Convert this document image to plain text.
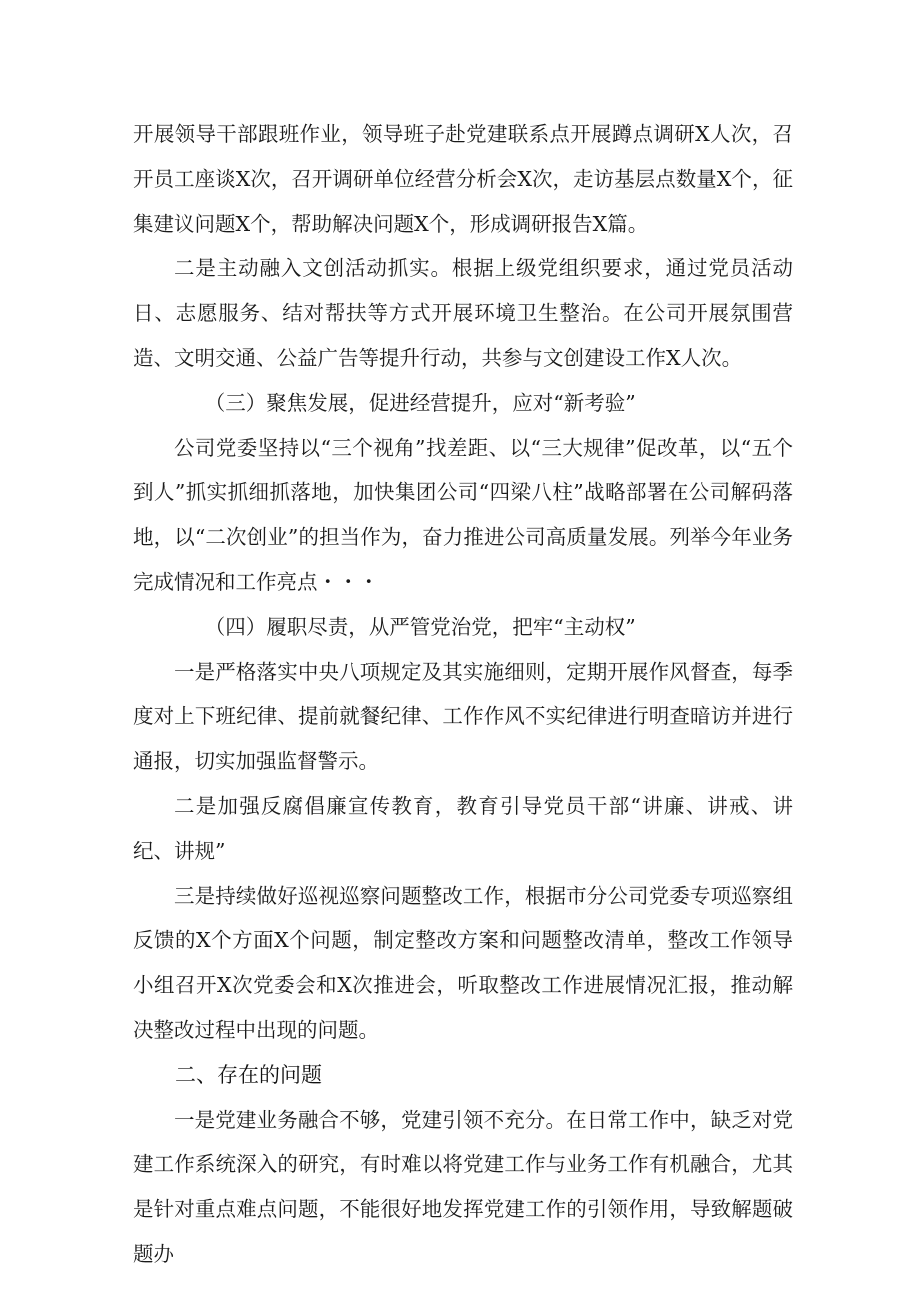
开展领导干部跟班作业，领导班子赴党建联系点开展蹲点调研X人次，召开员工座谈X次，召开调研单位经营分析会X次，走访基层点数量X个，征集建议问题X个，帮助解决问题X个，形成调研报告X篇。

二是主动融入文创活动抓实。根据上级党组织要求，通过党员活动日、志愿服务、结对帮扶等方式开展环境卫生整治。在公司开展氛围营造、文明交通、公益广告等提升行动，共参与文创建设工作X人次。

（三）聚焦发展，促进经营提升，应对“新考验”

公司党委坚持以“三个视角”找差距、以“三大规律”促改革，以“五个到人”抓实抓细抓落地，加快集团公司“四梁八柱”战略部署在公司解码落地，以“二次创业”的担当作为，奋力推进公司高质量发展。列举今年业务完成情况和工作亮点・・・

（四）履职尽责，从严管党治党，把牢“主动权”

一是严格落实中央八项规定及其实施细则，定期开展作风督查，每季度对上下班纪律、提前就餐纪律、工作作风不实纪律进行明查暗访并进行通报，切实加强监督警示。

二是加强反腐倡廉宣传教育，教育引导党员干部“讲廉、讲戒、讲纪、讲规”

三是持续做好巡视巡察问题整改工作，根据市分公司党委专项巡察组反馈的X个方面X个问题，制定整改方案和问题整改清单，整改工作领导小组召开X次党委会和X次推进会，听取整改工作进展情况汇报，推动解决整改过程中出现的问题。

二、存在的问题

一是党建业务融合不够，党建引领不充分。在日常工作中，缺乏对党建工作系统深入的研究，有时难以将党建工作与业务工作有机融合，尤其是针对重点难点问题，不能很好地发挥党建工作的引领作用，导致解题破题办
